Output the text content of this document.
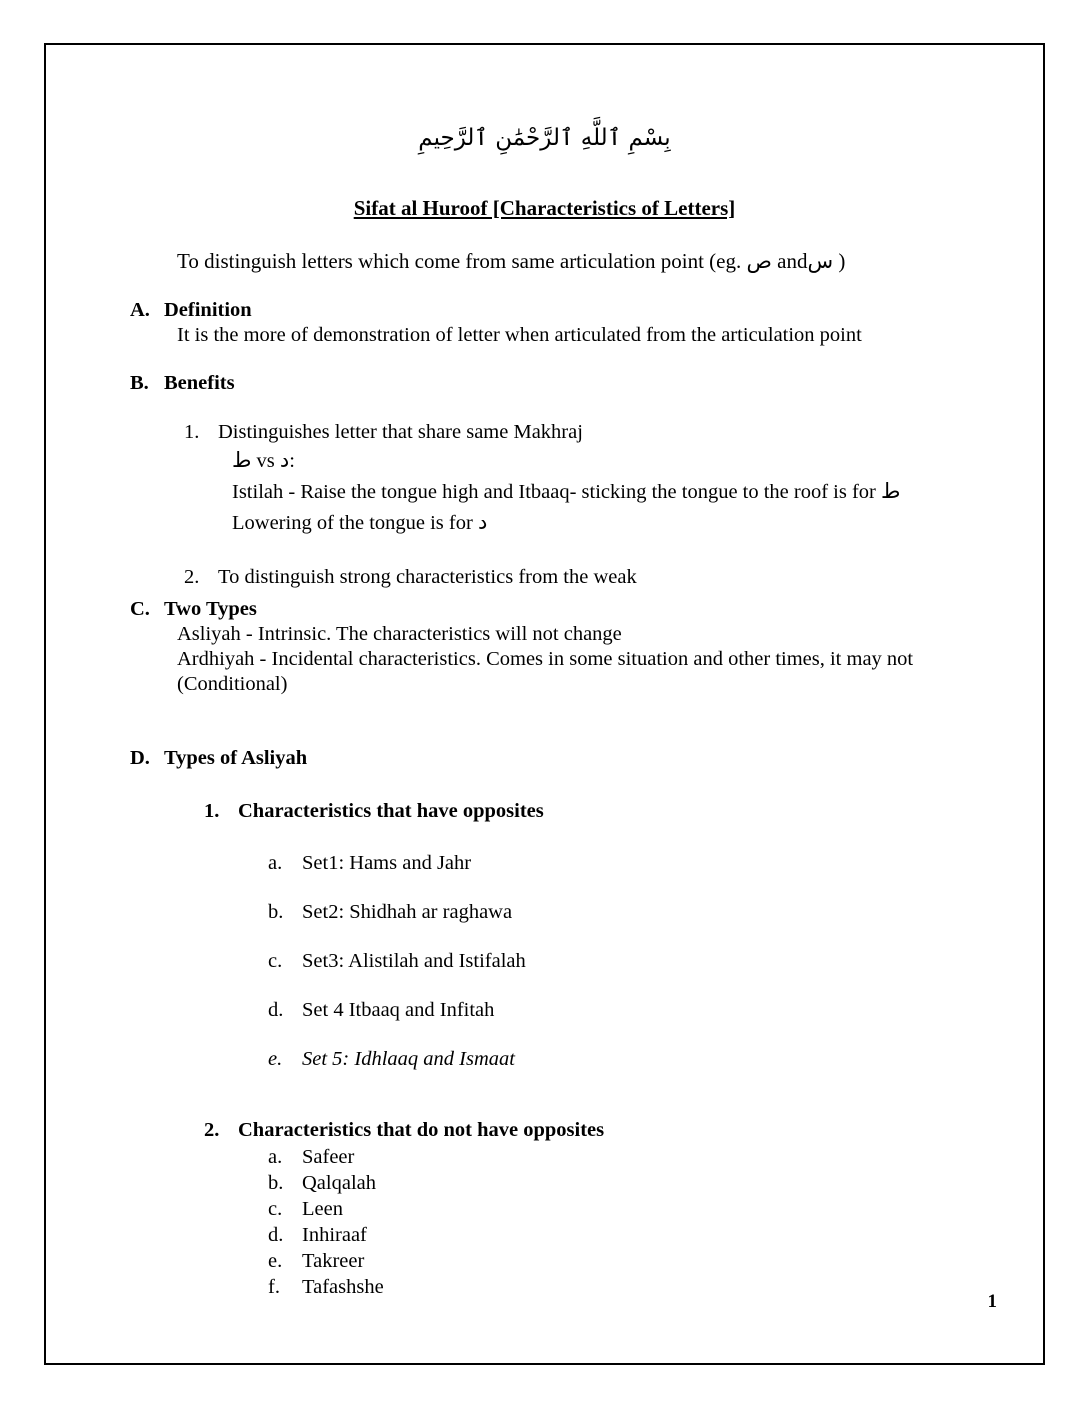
بِسْمِ ٱللَّهِ ٱلرَّحْمَٰنِ ٱلرَّحِيمِ
Sifat al Huroof [Characteristics of Letters]
To distinguish letters which come from same articulation point (eg. ص andس )
A. Definition
It is the more of demonstration of letter when articulated from the articulation point
B. Benefits
1. Distinguishes letter that share same Makhraj
ط vs د:
Istilah - Raise the tongue high and Itbaaq- sticking the tongue to the roof is for ط
Lowering of the tongue is for د
2. To distinguish strong characteristics from the weak
C. Two Types
Asliyah - Intrinsic. The characteristics will not change
Ardhiyah - Incidental characteristics. Comes in some situation and other times, it may not
(Conditional)
D. Types of Asliyah
1. Characteristics that have opposites
a. Set1: Hams and Jahr
b. Set2: Shidhah ar raghawa
c. Set3: Alistilah and Istifalah
d. Set 4 Itbaaq and Infitah
e. Set 5: Idhlaaq and Ismaat
2. Characteristics that do not have opposites
a. Safeer
b. Qalqalah
c. Leen
d. Inhiraaf
e. Takreer
f.	Tafashshe
1
